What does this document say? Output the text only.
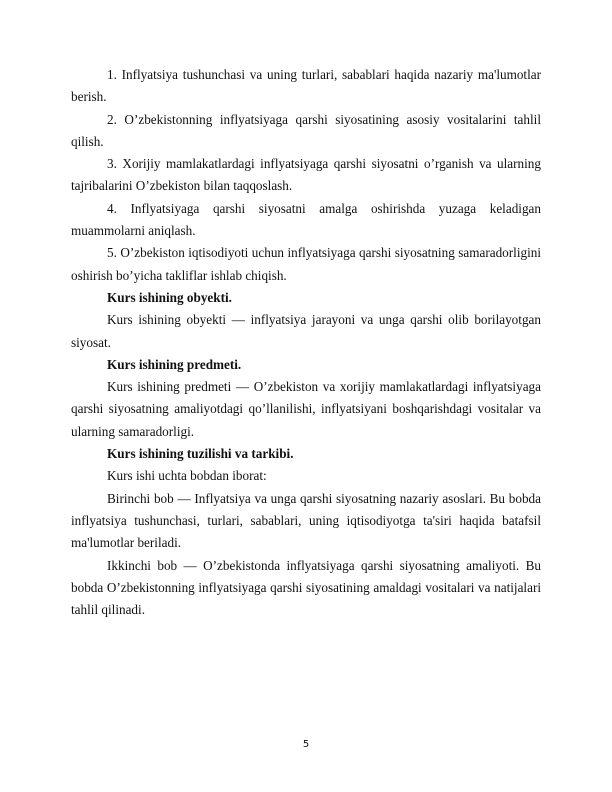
1. Inflyatsiya tushunchasi va uning turlari, sabablari haqida nazariy ma'lumotlar berish.

2. O’zbekistonning inflyatsiyaga qarshi siyosatining asosiy vositalarini tahlil qilish.

3. Xorijiy mamlakatlardagi inflyatsiyaga qarshi siyosatni o’rganish va ularning tajribalarini O’zbekiston bilan taqqoslash.

4. Inflyatsiyaga qarshi siyosatni amalga oshirishda yuzaga keladigan muammolarni aniqlash.

5. O’zbekiston iqtisodiyoti uchun inflyatsiyaga qarshi siyosatning samaradorligini oshirish bo’yicha takliflar ishlab chiqish.

Kurs ishining obyekti.

Kurs ishining obyekti — inflyatsiya jarayoni va unga qarshi olib borilayotgan siyosat.

Kurs ishining predmeti.

Kurs ishining predmeti — O’zbekiston va xorijiy mamlakatlardagi inflyatsiyaga qarshi siyosatning amaliyotdagi qo’llanilishi, inflyatsiyani boshqarishdagi vositalar va ularning samaradorligi.

Kurs ishining tuzilishi va tarkibi.

Kurs ishi uchta bobdan iborat:

Birinchi bob — Inflyatsiya va unga qarshi siyosatning nazariy asoslari. Bu bobda inflyatsiya tushunchasi, turlari, sabablari, uning iqtisodiyotga ta'siri haqida batafsil ma'lumotlar beriladi.

Ikkinchi bob — O’zbekistonda inflyatsiyaga qarshi siyosatning amaliyoti. Bu bobda O’zbekistonning inflyatsiyaga qarshi siyosatining amaldagi vositalari va natijalari tahlil qilinadi.

5
